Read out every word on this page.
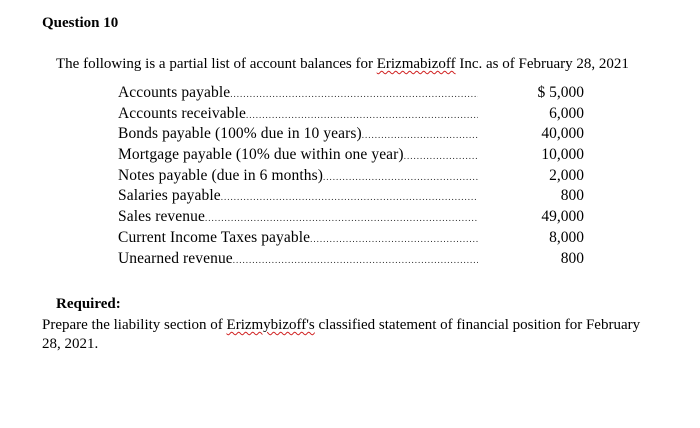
Question 10
The following is a partial list of account balances for Erizmabizoff Inc. as of February 28, 2021
Accounts payable .....	$ 5,000
Accounts receivable .....	6,000
Bonds payable (100% due in 10 years) .....	40,000
Mortgage payable (10% due within one year) .....	10,000
Notes payable (due in 6 months) .....	2,000
Salaries payable .....	800
Sales revenue .....	49,000
Current Income Taxes payable .....	8,000
Unearned revenue .....	800
Required:
Prepare the liability section of Erizmybizoff's classified statement of financial position for February 28, 2021.
